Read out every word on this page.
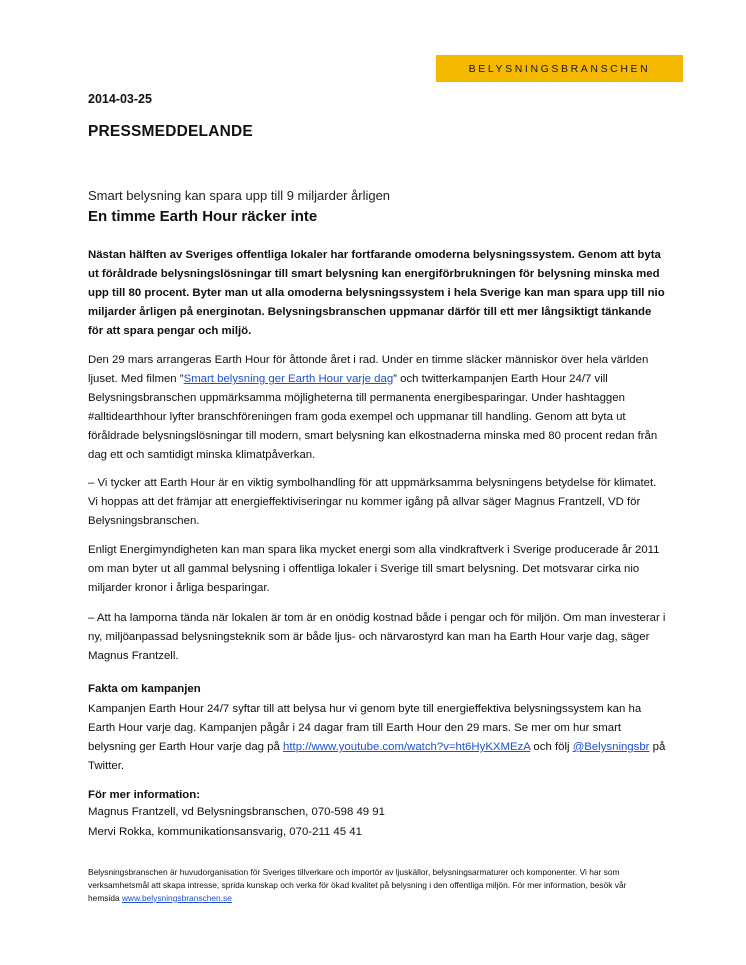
BELYSNINGSBRANSCHEN
2014-03-25
PRESSMEDDELANDE
Smart belysning kan spara upp till 9 miljarder årligen
En timme Earth Hour räcker inte

Nästan hälften av Sveriges offentliga lokaler har fortfarande omoderna belysningssystem. Genom att byta ut föråldrade belysningslösningar till smart belysning kan energiförbrukningen för belysning minska med upp till 80 procent. Byter man ut alla omoderna belysningssystem i hela Sverige kan man spara upp till nio miljarder årligen på energinotan. Belysningsbranschen uppmanar därför till ett mer långsiktigt tänkande för att spara pengar och miljö.

Den 29 mars arrangeras Earth Hour för åttonde året i rad. Under en timme släcker människor över hela världen ljuset. Med filmen ”Smart belysning ger Earth Hour varje dag” och twitterkampanjen Earth Hour 24/7 vill Belysningsbranschen uppmärksamma möjligheterna till permanenta energibesparingar. Under hashtaggen #alltidearthhour lyfter branschföreningen fram goda exempel och uppmanar till handling. Genom att byta ut föråldrade belysningslösningar till modern, smart belysning kan elkostnaderna minska med 80 procent redan från dag ett och samtidigt minska klimatpåverkan.

– Vi tycker att Earth Hour är en viktig symbolhandling för att uppmärksamma belysningens betydelse för klimatet. Vi hoppas att det främjar att energieffektiviseringar nu kommer igång på allvar säger Magnus Frantzell, VD för Belysningsbranschen.

Enligt Energimyndigheten kan man spara lika mycket energi som alla vindkraftverk i Sverige producerade år 2011 om man byter ut all gammal belysning i offentliga lokaler i Sverige till smart belysning. Det motsvarar cirka nio miljarder kronor i årliga besparingar.

– Att ha lamporna tända när lokalen är tom är en onödig kostnad både i pengar och för miljön. Om man investerar i ny, miljöanpassad belysningsteknik som är både ljus- och närvarostyrd kan man ha Earth Hour varje dag, säger Magnus Frantzell.

Fakta om kampanjen

Kampanjen Earth Hour 24/7 syftar till att belysa hur vi genom byte till energieffektiva belysningssystem kan ha Earth Hour varje dag. Kampanjen pågår i 24 dagar fram till Earth Hour den 29 mars. Se mer om hur smart belysning ger Earth Hour varje dag på http://www.youtube.com/watch?v=ht6HyKXMEzA och följ @Belysningsbr på Twitter.

För mer information:
Magnus Frantzell, vd Belysningsbranschen, 070-598 49 91
Mervi Rokka, kommunikationsansvarig, 070-211 45 41

Belysningsbranschen är huvudorganisation för Sveriges tillverkare och importör av ljuskällor, belysningsarmaturer och komponenter. Vi har som verksamhetsmål att skapa intresse, sprida kunskap och verka för ökad kvalitet på belysning i den offentliga miljön. För mer information, besök vår hemsida www.belysningsbranschen.se
